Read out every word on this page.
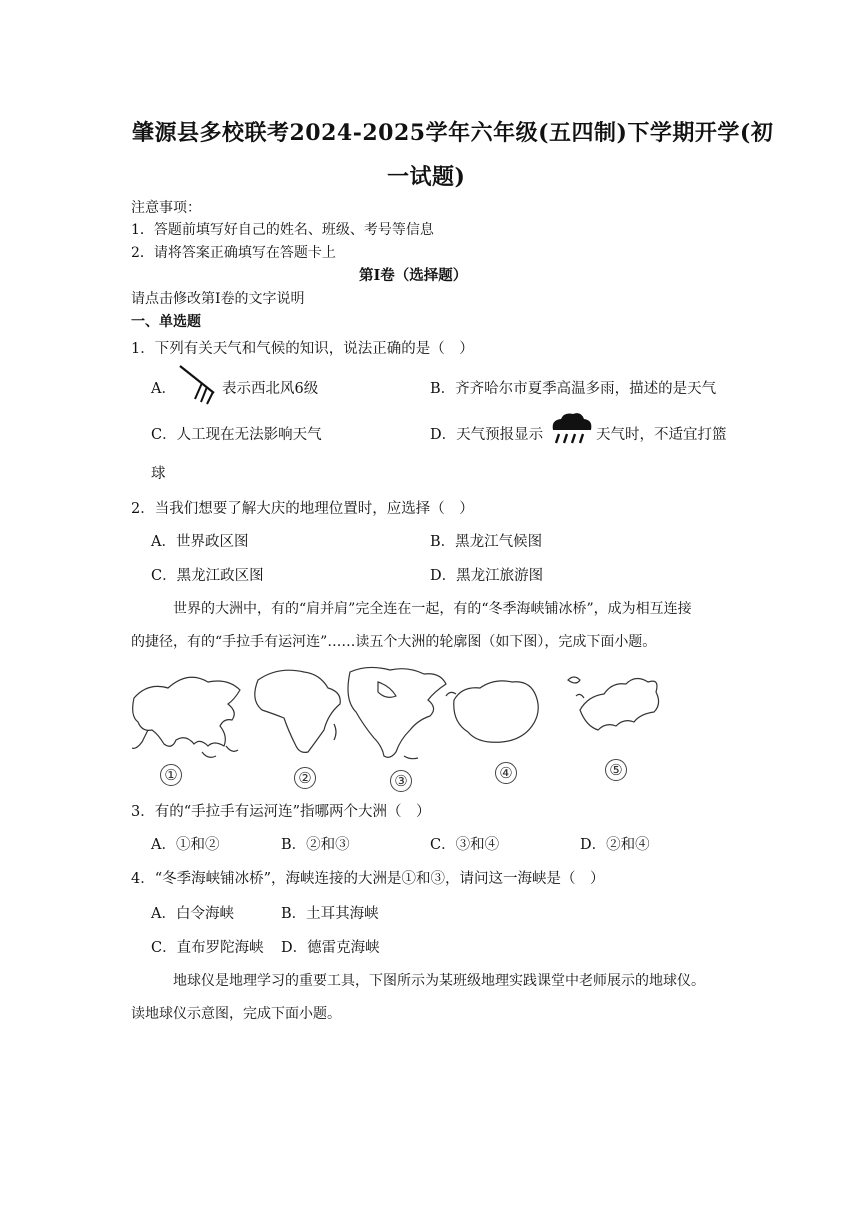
肇源县多校联考2024-2025学年六年级(五四制)下学期开学(初
一试题)
注意事项：
1．答题前填写好自己的姓名、班级、考号等信息
2．请将答案正确填写在答题卡上
第Ⅰ卷（选择题）
请点击修改第Ⅰ卷的文字说明
一、单选题
1．下列有关天气和气候的知识，说法正确的是（　）
A．	表示西北风6级	B．齐齐哈尔市夏季高温多雨，描述的是天气
C．人工现在无法影响天气	D．天气预报显示	天气时，不适宜打篮
球
2．当我们想要了解大庆的地理位置时，应选择（　）
A．世界政区图	B．黑龙江气候图
C．黑龙江政区图	D．黑龙江旅游图
世界的大洲中，有的“肩并肩”完全连在一起，有的“冬季海峡铺冰桥”，成为相互连接
的捷径，有的“手拉手有运河连”……读五个大洲的轮廓图（如下图），完成下面小题。
①	②	③	④	⑤
3．有的“手拉手有运河连”指哪两个大洲（　）
A．①和②	B．②和③	C．③和④	D．②和④
4．“冬季海峡铺冰桥”，海峡连接的大洲是①和③，请问这一海峡是（　）
A．白令海峡	B．土耳其海峡
C．直布罗陀海峡 D．德雷克海峡
地球仪是地理学习的重要工具，下图所示为某班级地理实践课堂中老师展示的地球仪。
读地球仪示意图，完成下面小题。
